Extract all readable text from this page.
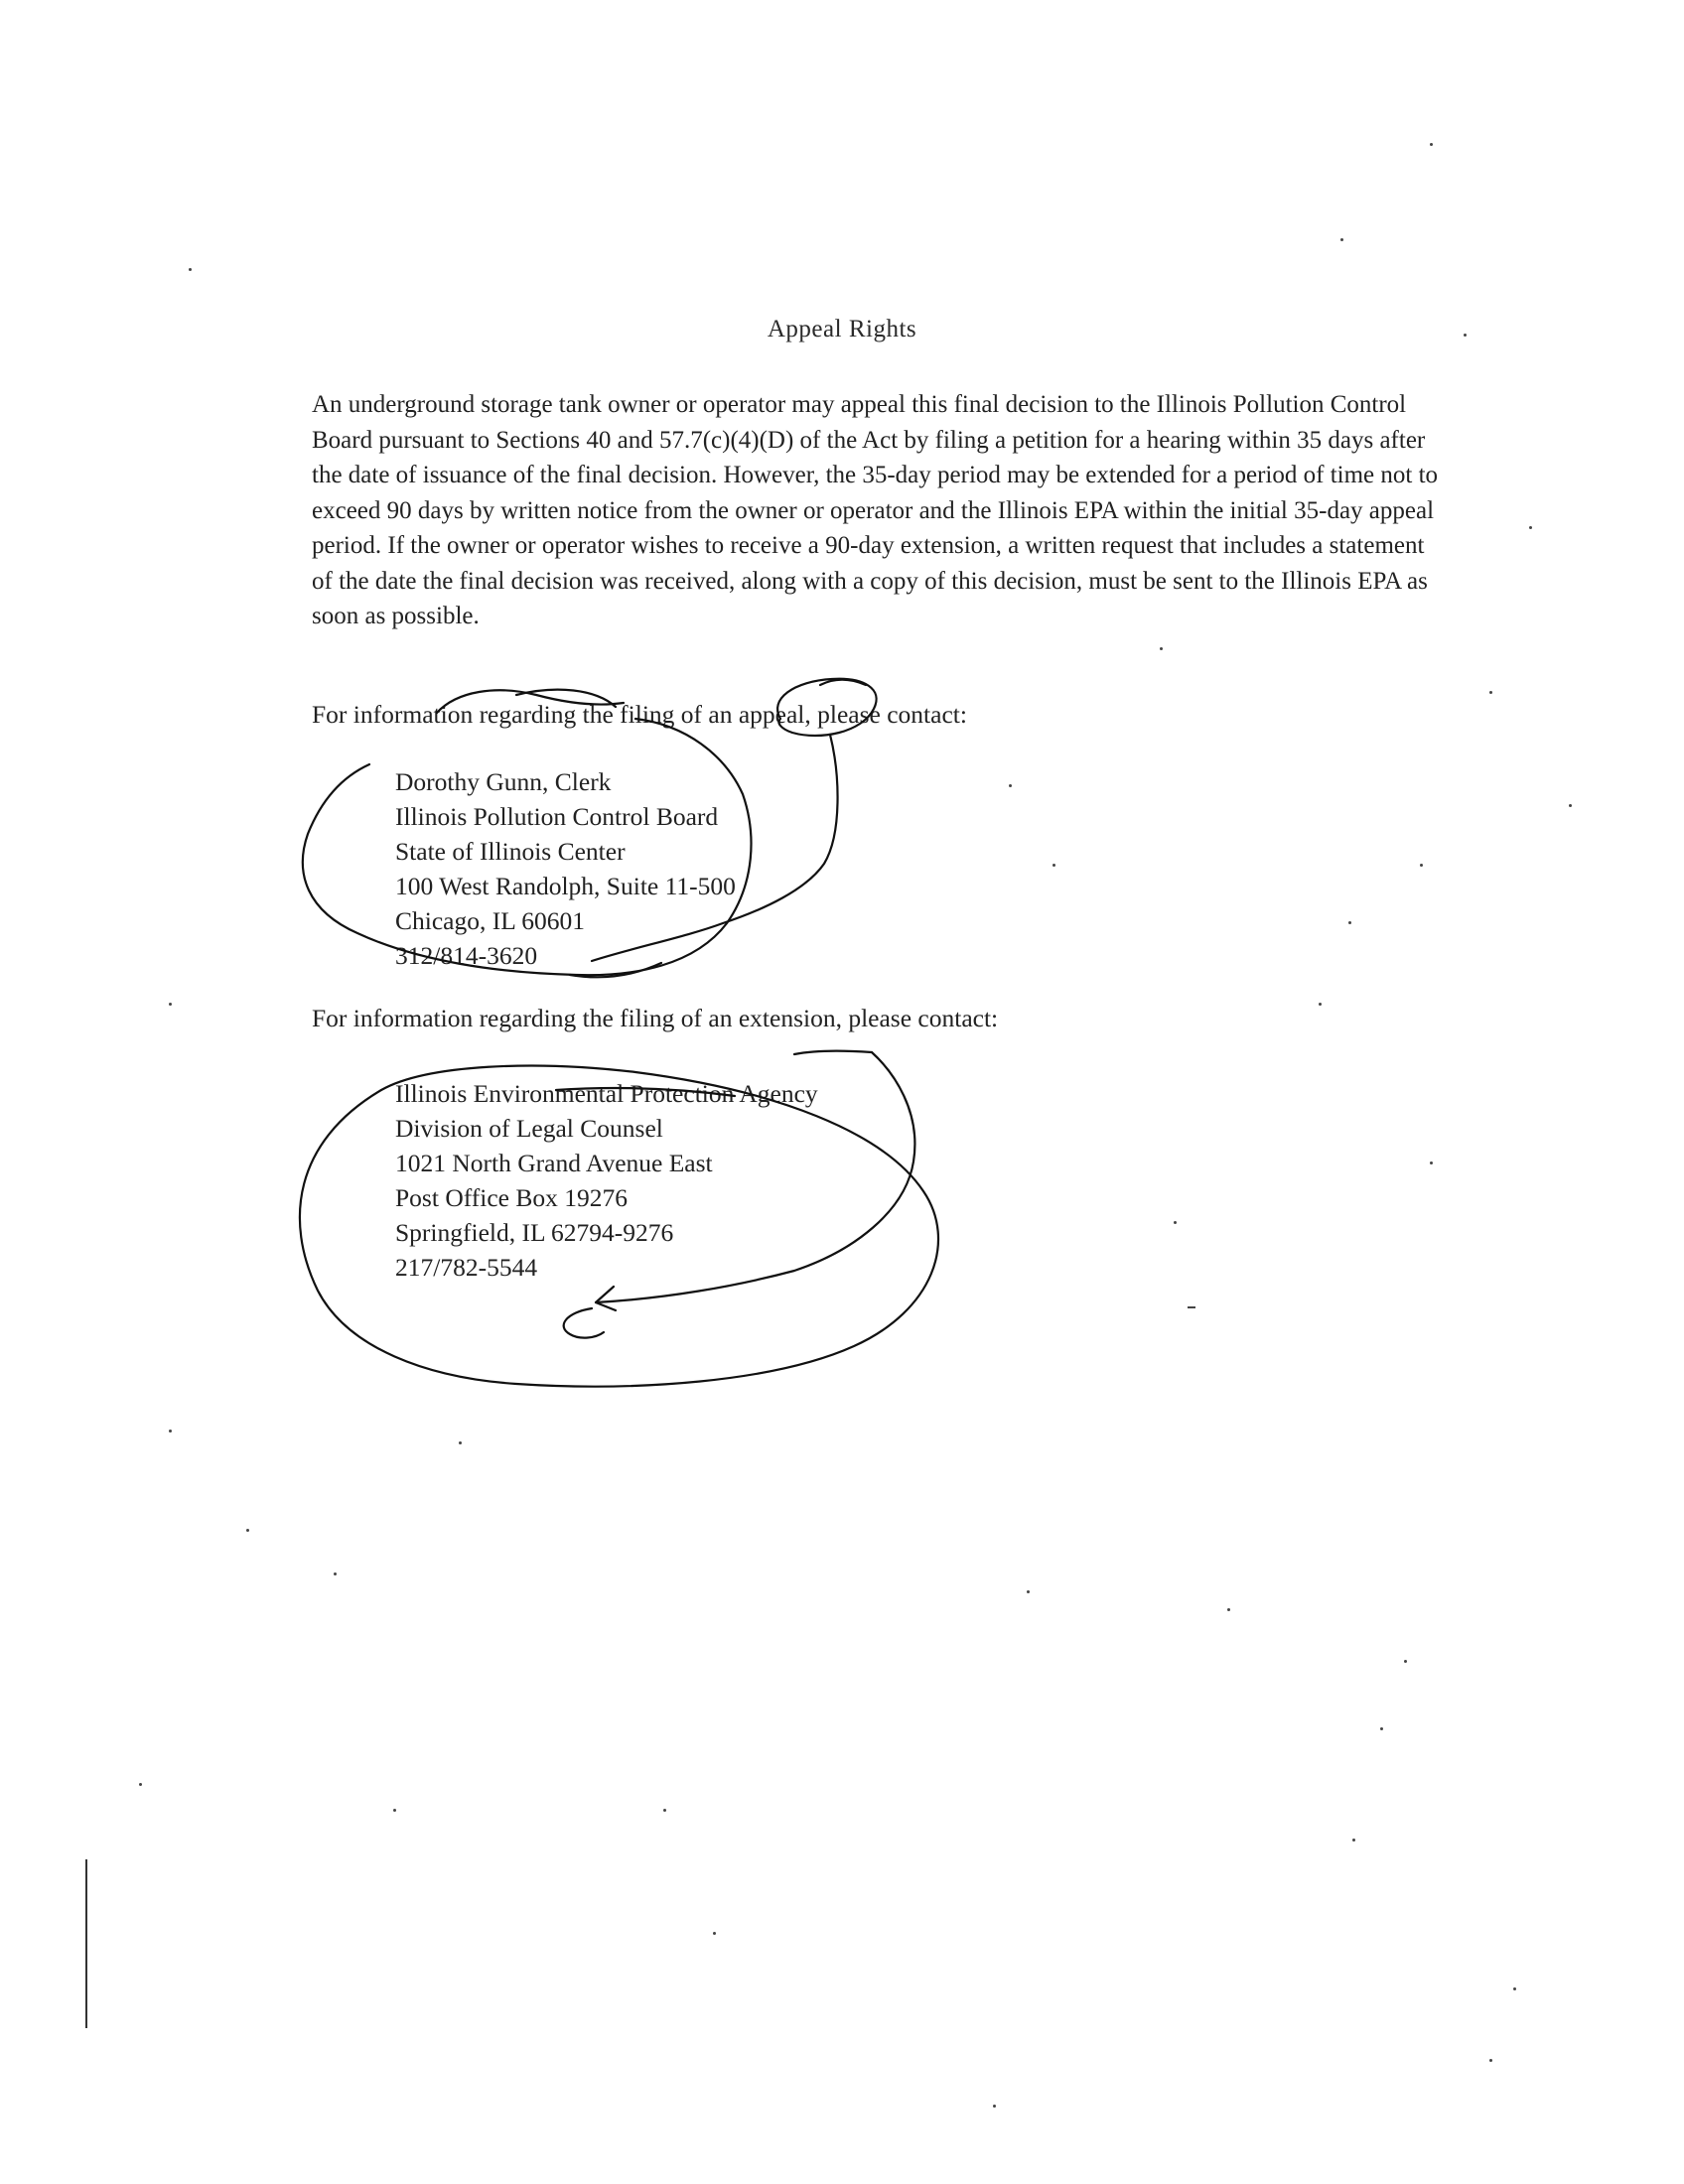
Appeal Rights
An underground storage tank owner or operator may appeal this final decision to the Illinois Pollution Control Board pursuant to Sections 40 and 57.7(c)(4)(D) of the Act by filing a petition for a hearing within 35 days after the date of issuance of the final decision. However, the 35-day period may be extended for a period of time not to exceed 90 days by written notice from the owner or operator and the Illinois EPA within the initial 35-day appeal period. If the owner or operator wishes to receive a 90-day extension, a written request that includes a statement of the date the final decision was received, along with a copy of this decision, must be sent to the Illinois EPA as soon as possible.
For information regarding the filing of an appeal, please contact:
Dorothy Gunn, Clerk
Illinois Pollution Control Board
State of Illinois Center
100 West Randolph, Suite 11-500
Chicago, IL 60601
312/814-3620
For information regarding the filing of an extension, please contact:
Illinois Environmental Protection Agency
Division of Legal Counsel
1021 North Grand Avenue East
Post Office Box 19276
Springfield, IL 62794-9276
217/782-5544
